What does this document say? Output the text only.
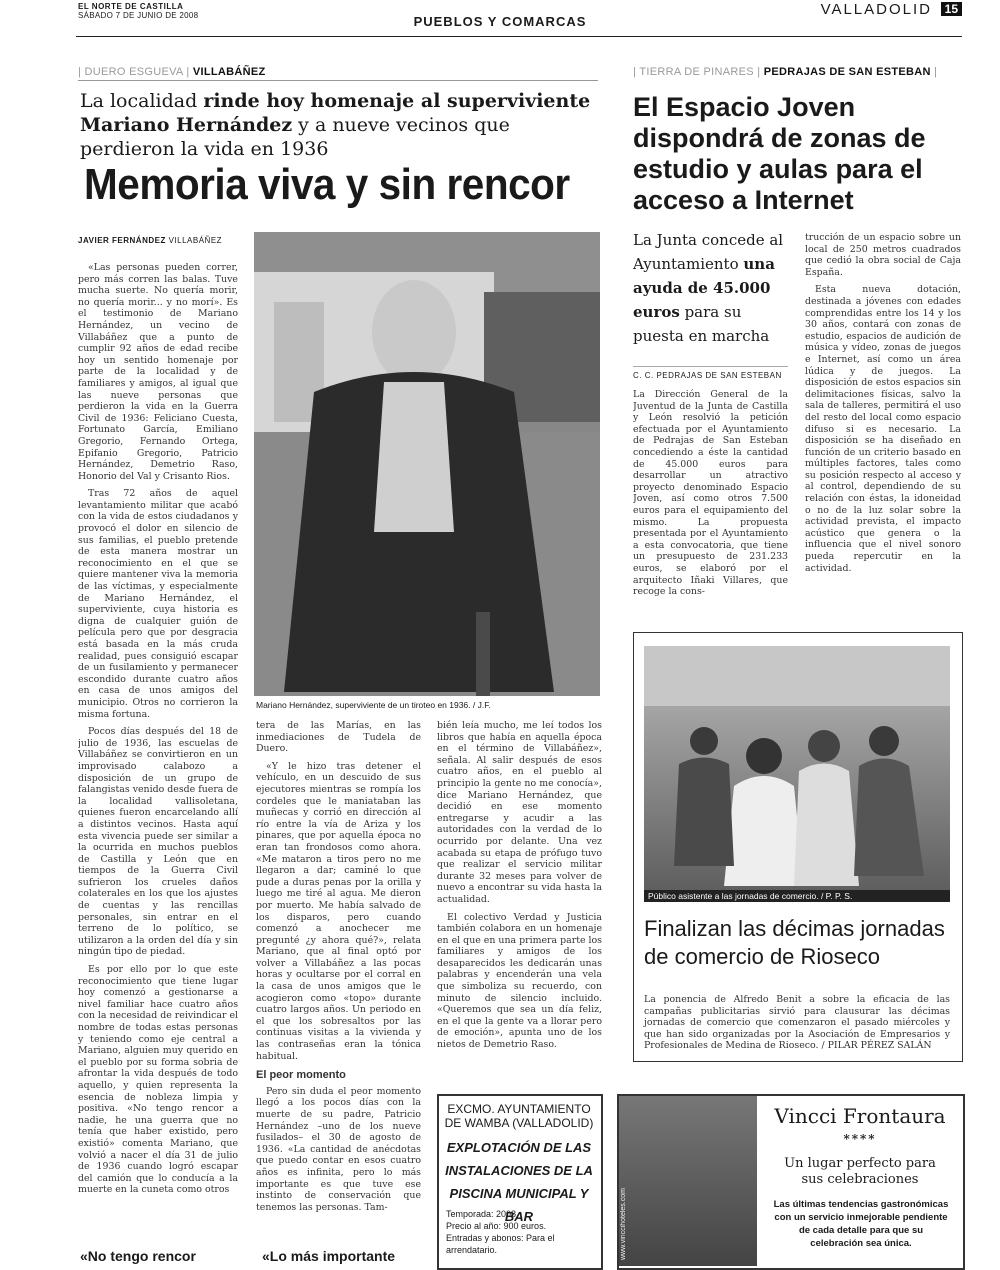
EL NORTE DE CASTILLA
SÁBADO 7 DE JUNIO DE 2008	PUEBLOS Y COMARCAS
VALLADOLID	15
| DUERO ESGUEVA | VILLABÁÑEZ
La localidad rinde hoy homenaje al superviviente Mariano Hernández y a nueve vecinos que perdieron la vida en 1936
Memoria viva y sin rencor
JAVIER FERNÁNDEZ VILLABÁÑEZ

«Las personas pueden correr, pero más corren las balas. Tuve mucha suerte. No quería morir, no quería morir... y no morí». Es el testimonio de Mariano Hernández, un vecino de Villabáñez que a punto de cumplir 92 años de edad recibe hoy un sentido homenaje por parte de la localidad y de familiares y amigos, al igual que las nueve personas que perdieron la vida en la Guerra Civil de 1936: Feliciano Cuesta, Fortunato García, Emiliano Gregorio, Fernando Ortega, Epifanio Gregorio, Patricio Hernández, Demetrio Raso, Honorio del Val y Crisanto Rios.

Tras 72 años de aquel levantamiento militar que acabó con la vida de estos ciudadanos y provocó el dolor en silencio de sus familias, el pueblo pretende de esta manera mostrar un reconocimiento en el que se quiere mantener viva la memoria de las víctimas, y especialmente de Mariano Hernández, el superviviente, cuya historia es digna de cualquier guión de película pero que por desgracia está basada en la más cruda realidad, pues consiguió escapar de un fusilamiento y permanecer escondido durante cuatro años en casa de unos amigos del municipio. Otros no corrieron la misma fortuna.

Pocos días después del 18 de julio de 1936, las escuelas de Villabáñez se convirtieron en un improvisado calabozo a disposición de un grupo de falangistas venido desde fuera de la localidad vallisoletana, quienes fueron encarcelando allí a distintos vecinos. Hasta aquí esta vivencia puede ser similar a la ocurrida en muchos pueblos de Castilla y León que en tiempos de la Guerra Civil sufrieron los crueles daños colaterales en los que los ajustes de cuentas y las rencillas personales, sin entrar en el terreno de lo político, se utilizaron a la orden del día y sin ningún tipo de piedad.

Es por ello por lo que este reconocimiento que tiene lugar hoy comenzó a gestionarse a nivel familiar hace cuatro años con la necesidad de reivindicar el nombre de todas estas personas y teniendo como eje central a Mariano, alguien muy querido en el pueblo por su forma sobria de afrontar la vida después de todo aquello, y quien representa la esencia de nobleza limpia y positiva. «No tengo rencor a nadie, he una guerra que no tenía que haber existido, pero existió» comenta Mariano, que volvió a nacer el día 31 de julio de 1936 cuando logró escapar del camión que lo conducía a la muerte en la cuneta como otros

Mariano Hernández, superviviente de un tiroteo en 1936. / J.F.

tera de las Marías, en las inmediaciones de Tudela de Duero.

«Y le hizo tras detener el vehículo, en un descuido de sus ejecutores mientras se rompía los cordeles que le maniataban las muñecas y corrió en dirección al río entre la vía de Ariza y los pinares, que por aquella época no eran tan frondosos como ahora. «Me mataron a tiros pero no me llegaron a dar; caminé lo que pude a duras penas por la orilla y luego me tiré al agua. Me dieron por muerto. Me había salvado de los disparos, pero cuando comenzó a anochecer me pregunté ¿y ahora qué?», relata Mariano, que al final optó por volver a Villabáñez a las pocas horas y ocultarse por el corral en la casa de unos amigos que le acogieron como «topo» durante cuatro largos años. Un periodo en el que los sobresaltos por las continuas visitas a la vivienda y las contraseñas eran la tónica habitual.

El peor momento

Pero sin duda el peor momento llegó a los pocos días con la muerte de su padre, Patricio Hernández –uno de los nueve fusilados– el 30 de agosto de 1936. «La cantidad de anécdotas que puedo contar en esos cuatro años es infinita, pero lo más importante es que tuve ese instinto de conservación que tenemos las personas. Tam-

bién leía mucho, me leí todos los libros que había en aquella época en el término de Villabáñez», señala. Al salir después de esos cuatro años, en el pueblo al principio la gente no me conocía», dice Mariano Hernández, que decidió en ese momento entregarse y acudir a las autoridades con la verdad de lo ocurrido por delante. Una vez acabada su etapa de prófugo tuvo que realizar el servicio militar durante 32 meses para volver de nuevo a encontrar su vida hasta la actualidad.

El colectivo Verdad y Justicia también colabora en un homenaje en el que en una primera parte los familiares y amigos de los desaparecidos les dedicarán unas palabras y encenderán una vela que simboliza su recuerdo, con minuto de silencio incluido. «Queremos que sea un día feliz, en el que la gente va a llorar pero de emoción», apunta uno de los nietos de Demetrio Raso.

«No tengo rencor	«Lo más importante
| TIERRA DE PINARES | PEDRAJAS DE SAN ESTEBAN |
El Espacio Joven dispondrá de zonas de estudio y aulas para el acceso a Internet
La Junta concede al Ayuntamiento una ayuda de 45.000 euros para su puesta en marcha
C. C. PEDRAJAS DE SAN ESTEBAN

La Dirección General de la Juventud de la Junta de Castilla y León resolvió la petición efectuada por el Ayuntamiento de Pedrajas de San Esteban concediendo a éste la cantidad de 45.000 euros para desarrollar un atractivo proyecto denominado Espacio Joven, así como otros 7.500 euros para el equipamiento del mismo. La propuesta presentada por el Ayuntamiento a esta convocatoria, que tiene un presupuesto de 231.233 euros, se elaboró por el arquitecto Iñaki Villares, que recoge la cons-

trucción de un espacio sobre un local de 250 metros cuadrados que cedió la obra social de Caja España.

Esta nueva dotación, destinada a jóvenes con edades comprendidas entre los 14 y los 30 años, contará con zonas de estudio, espacios de audición de música y vídeo, zonas de juegos e Internet, así como un área lúdica y de juegos. La disposición de estos espacios sin delimitaciones físicas, salvo la sala de talleres, permitirá el uso del resto del local como espacio difuso si es necesario. La disposición se ha diseñado en función de un criterio basado en múltiples factores, tales como su posición respecto al acceso y al control, dependiendo de su relación con éstas, la idoneidad o no de la luz solar sobre la actividad prevista, el impacto acústico que genera o la influencia que el nivel sonoro pueda repercutir en la actividad.

Público asistente a las jornadas de comercio. / P. P. S.
Finalizan las décimas jornadas de comercio de Rioseco
La ponencia de Alfredo Benit a sobre la eficacia de las campañas publicitarias sirvió para clausurar las décimas jornadas de comercio que comenzaron el pasado miércoles y que han sido organizadas por la Asociación de Empresarios y Profesionales de Medina de Rioseco. / PILAR PÉREZ SALÁN
EXCMO. AYUNTAMIENTO DE WAMBA (VALLADOLID)
EXPLOTACIÓN DE LAS INSTALACIONES DE LA PISCINA MUNICIPAL Y BAR
Temporada: 2008
Precio al año: 900 euros.
Entradas y abonos: Para el arrendatario.	www.vinccihoteles.com
Vincci Frontaura
****
Un lugar perfecto para sus celebraciones
Las últimas tendencias gastronómicas con un servicio inmejorable pendiente de cada detalle para que su celebración sea única.
